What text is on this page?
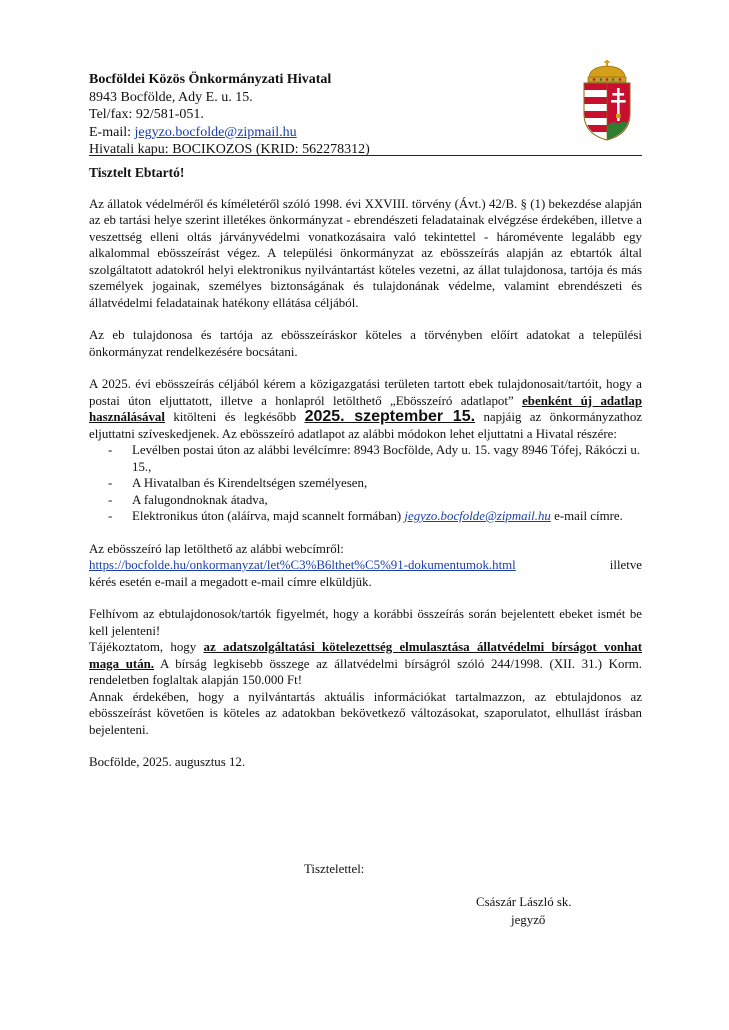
Bocföldei Közös Önkormányzati Hivatal
8943 Bocfölde, Ady E. u. 15.
Tel/fax: 92/581-051.
E-mail: jegyzo.bocfolde@zipmail.hu
Hivatali kapu: BOCIKOZOS (KRID: 562278312)

Tisztelt Ebtartó!

Az állatok védelméről és kíméletéről szóló 1998. évi XXVIII. törvény (Ávt.) 42/B. § (1) bekezdése alapján az eb tartási helye szerint illetékes önkormányzat - ebrendészeti feladatainak elvégzése érdekében, illetve a veszettség elleni oltás járványvédelmi vonatkozásaira való tekintettel - háromévente legalább egy alkalommal ebösszeírást végez. A települési önkormányzat az ebösszeírás alapján az ebtartók által szolgáltatott adatokról helyi elektronikus nyilvántartást köteles vezetni, az állat tulajdonosa, tartója és más személyek jogainak, személyes biztonságának és tulajdonának védelme, valamint ebrendészeti és állatvédelmi feladatainak hatékony ellátása céljából.

Az eb tulajdonosa és tartója az ebösszeíráskor köteles a törvényben előírt adatokat a települési önkormányzat rendelkezésére bocsátani.

A 2025. évi ebösszeírás céljából kérem a közigazgatási területen tartott ebek tulajdonosait/tartóit, hogy a postai úton eljuttatott, illetve a honlapról letölthető „Ebösszeíró adatlapot” ebenként új adatlap használásával kitölteni és legkésőbb 2025. szeptember 15. napjáig az önkormányzathoz eljuttatni szíveskedjenek. Az ebösszeíró adatlapot az alábbi módokon lehet eljuttatni a Hivatal részére:

- Levélben postai úton az alábbi levélcímre: 8943 Bocfölde, Ady u. 15. vagy 8946 Tófej, Rákóczi u. 15.,
- A Hivatalban és Kirendeltségen személyesen,
- A falugondnoknak átadva,
- Elektronikus úton (aláírva, majd scannelt formában) jegyzo.bocfolde@zipmail.hu e-mail címre.

Az ebösszeíró lap letölthető az alábbi webcímről:

https://bocfolde.hu/onkormanyzat/let%C3%B6lthet%C5%91-dokumentumok.html	illetve

kérés esetén e-mail a megadott e-mail címre elküldjük.

Felhívom az ebtulajdonosok/tartók figyelmét, hogy a korábbi összeírás során bejelentett ebeket ismét be kell jelenteni!

Tájékoztatom, hogy az adatszolgáltatási kötelezettség elmulasztása állatvédelmi bírságot vonhat maga után. A bírság legkisebb összege az állatvédelmi bírságról szóló 244/1998. (XII. 31.) Korm. rendeletben foglaltak alapján 150.000 Ft!

Annak érdekében, hogy a nyilvántartás aktuális információkat tartalmazzon, az ebtulajdonos az ebösszeírást követően is köteles az adatokban bekövetkező változásokat, szaporulatot, elhullást írásban bejelenteni.

Bocfölde, 2025. augusztus 12.

Tisztelettel:
Császár László sk.
jegyző
